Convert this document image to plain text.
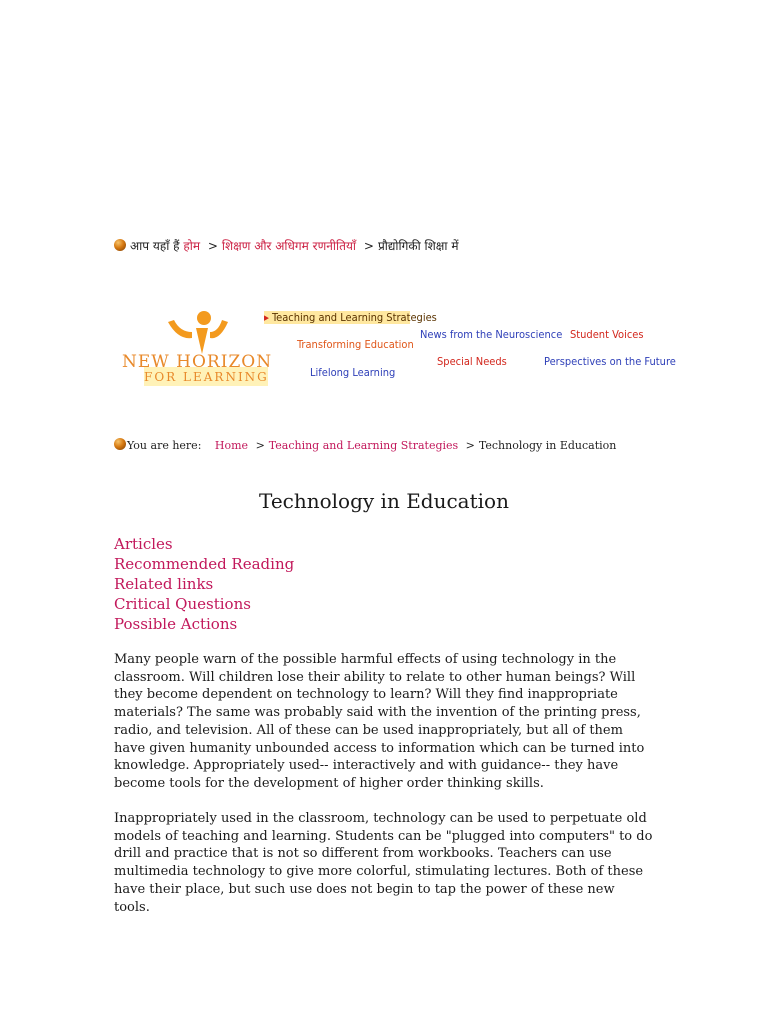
आप यहाँ हैं होम > शिक्षण और अधिगम रणनीतियाँ > प्रौद्योगिकी शिक्षा में
NEW HORIZON
FOR LEARNING
▸ Teaching and Learning Strategies
Transforming Education
Lifelong Learning
News from the Neuroscience
Special Needs
Student Voices
Perspectives on the Future
You are here: Home > Teaching and Learning Strategies > Technology in Education
Technology in Education
Articles
Recommended Reading
Related links
Critical Questions
Possible Actions

Many people warn of the possible harmful effects of using technology in the classroom. Will children lose their ability to relate to other human beings? Will they become dependent on technology to learn? Will they find inappropriate materials? The same was probably said with the invention of the printing press, radio, and television. All of these can be used inappropriately, but all of them have given humanity unbounded access to information which can be turned into knowledge. Appropriately used-- interactively and with guidance-- they have become tools for the development of higher order thinking skills.

Inappropriately used in the classroom, technology can be used to perpetuate old models of teaching and learning. Students can be "plugged into computers" to do drill and practice that is not so different from workbooks. Teachers can use multimedia technology to give more colorful, stimulating lectures. Both of these have their place, but such use does not begin to tap the power of these new tools.
